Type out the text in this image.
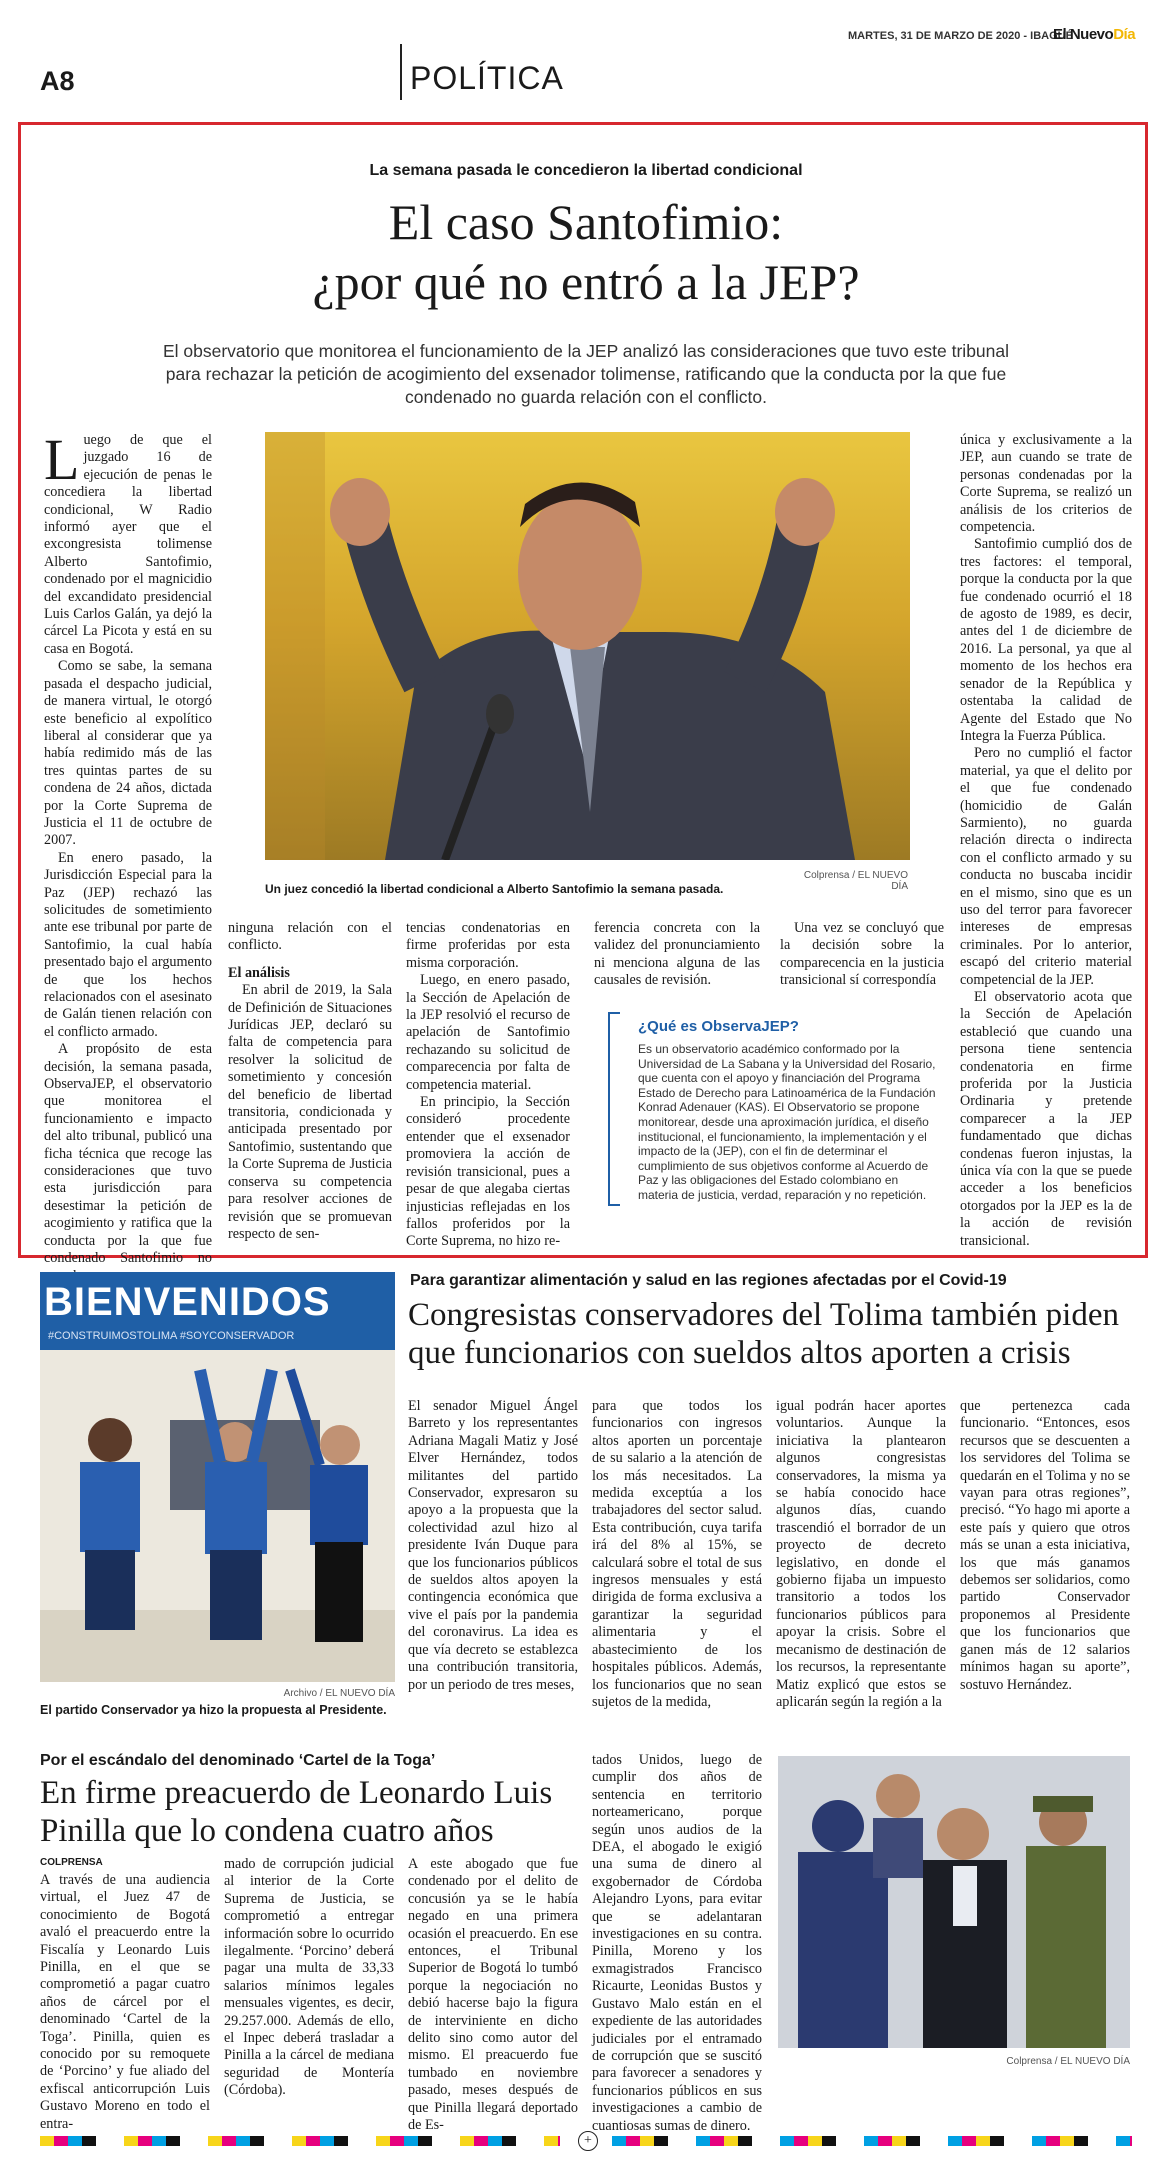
MARTES, 31 DE MARZO DE 2020 - IBAGUÉ
El NuevoDía
A8	POLÍTICA
La semana pasada le concedieron la libertad condicional
El caso Santofimio:
¿por qué no entró a la JEP?
El observatorio que monitorea el funcionamiento de la JEP analizó las consideraciones que tuvo este tribunal para rechazar la petición de acogimiento del exsenador tolimense, ratificando que la conducta por la que fue condenado no guarda relación con el conflicto.
L uego de que el juzgado 16 de ejecución de penas le concediera la libertad condicional, W Radio informó ayer que el excongresista tolimense Alberto Santofimio, condenado por el magnicidio del excandidato presidencial Luis Carlos Galán, ya dejó la cárcel La Picota y está en su casa en Bogotá.

Como se sabe, la semana pasada el despacho judicial, de manera virtual, le otorgó este beneficio al expolítico liberal al considerar que ya había redimido más de las tres quintas partes de su condena de 24 años, dictada por la Corte Suprema de Justicia el 11 de octubre de 2007.

En enero pasado, la Jurisdicción Especial para la Paz (JEP) rechazó las solicitudes de sometimiento ante ese tribunal por parte de Santofimio, la cual había presentado bajo el argumento de que los hechos relacionados con el asesinato de Galán tienen relación con el conflicto armado.

A propósito de esta decisión, la semana pasada, ObservaJEP, el observatorio que monitorea el funcionamiento e impacto del alto tribunal, publicó una ficha técnica que recoge las consideraciones que tuvo esta jurisdicción para desestimar la petición de acogimiento y ratifica que la conducta por la que fue condenado Santofimio no

Un juez concedió la libertad condicional a Alberto Santofimio la semana pasada.
Colprensa / EL NUEVO DÍA

ninguna relación con el conflicto.

El análisis

En abril de 2019, la Sala de Definición de Situaciones Jurídicas JEP, declaró su falta de competencia para resolver la solicitud de sometimiento y concesión del beneficio de libertad transitoria, condicionada y anticipada presentado por Santofimio, sustentando que la Corte Suprema de Justicia conserva su competencia para resolver acciones de revisión que se promuevan respecto de sen-

tencias condenatorias en firme proferidas por esta misma corporación.

Luego, en enero pasado, la Sección de Apelación de la JEP resolvió el recurso de apelación de Santofimio rechazando su solicitud de comparecencia por falta de competencia material.

En principio, la Sección consideró procedente entender que el exsenador promoviera la acción de revisión transicional, pues a pesar de que alegaba ciertas injusticias reflejadas en los fallos proferidos por la Corte Suprema, no hizo re-

ferencia concreta con la validez del pronunciamiento ni menciona alguna de las causales de revisión.

Una vez se concluyó que la decisión sobre la comparecencia en la justicia transicional sí correspondía

¿Qué es ObservaJEP?
Es un observatorio académico conformado por la Universidad de La Sabana y la Universidad del Rosario, que cuenta con el apoyo y financiación del Programa Estado de Derecho para Latinoamérica de la Fundación Konrad Adenauer (KAS). El Observatorio se propone monitorear, desde una aproximación jurídica, el diseño institucional, el funcionamiento, la implementación y el impacto de la (JEP), con el fin de determinar el cumplimiento de sus objetivos conforme al Acuerdo de Paz y las obligaciones del Estado colombiano en materia de justicia, verdad, reparación y no repetición.

única y exclusivamente a la JEP, aun cuando se trate de personas condenadas por la Corte Suprema, se realizó un análisis de los criterios de competencia.

Santofimio cumplió dos de tres factores: el temporal, porque la conducta por la que fue condenado ocurrió el 18 de agosto de 1989, es decir, antes del 1 de diciembre de 2016. La personal, ya que al momento de los hechos era senador de la República y ostentaba la calidad de Agente del Estado que No Integra la Fuerza Pública.

Pero no cumplió el factor material, ya que el delito por el que fue condenado (homicidio de Galán Sarmiento), no guarda relación directa o indirecta con el conflicto armado y su conducta no buscaba incidir en el mismo, sino que es un uso del terror para favorecer intereses de empresas criminales. Por lo anterior, escapó del criterio material competencial de la JEP.

El observatorio acota que la Sección de Apelación estableció que cuando una persona tiene sentencia condenatoria en firme proferida por la Justicia Ordinaria y pretende comparecer a la JEP fundamentado que dichas condenas fueron injustas, la única vía con la que se puede acceder a los beneficios otorgados por la JEP es la de la acción de revisión transicional.

BIENVENIDOS
#CONSTRUIMOSTOLIMA #SOYCONSERVADOR
Archivo / EL NUEVO DÍA
El partido Conservador ya hizo la propuesta al Presidente.
Para garantizar alimentación y salud en las regiones afectadas por el Covid-19
Congresistas conservadores del Tolima también piden que funcionarios con sueldos altos aporten a crisis

El senador Miguel Ángel Barreto y los representantes Adriana Magali Matiz y José Elver Hernández, todos militantes del partido Conservador, expresaron su apoyo a la propuesta que la colectividad azul hizo al presidente Iván Duque para que los funcionarios públicos de sueldos altos apoyen la contingencia económica que vive el país por la pandemia del coronavirus. La idea es que vía decreto se establezca una contribución transitoria, por un periodo de tres meses,

para que todos los funcionarios con ingresos altos aporten un porcentaje de su salario a la atención de los más necesitados. La medida exceptúa a los trabajadores del sector salud. Esta contribución, cuya tarifa irá del 8% al 15%, se calculará sobre el total de sus ingresos mensuales y está dirigida de forma exclusiva a garantizar la seguridad alimentaria y el abastecimiento de los hospitales públicos. Además, los funcionarios que no sean sujetos de la medida,

igual podrán hacer aportes voluntarios. Aunque la iniciativa la plantearon algunos congresistas conservadores, la misma ya se había conocido hace algunos días, cuando trascendió el borrador de un proyecto de decreto legislativo, en donde el gobierno fijaba un impuesto transitorio a todos los funcionarios públicos para apoyar la crisis. Sobre el mecanismo de destinación de los recursos, la representante Matiz explicó que estos se aplicarán según la región a la

que pertenezca cada funcionario. “Entonces, esos recursos que se descuenten a los servidores del Tolima se quedarán en el Tolima y no se vayan para otras regiones”, precisó. “Yo hago mi aporte a este país y quiero que otros más se unan a esta iniciativa, los que más ganamos debemos ser solidarios, como partido Conservador proponemos al Presidente que los funcionarios que ganen más de 12 salarios mínimos hagan su aporte”, sostuvo Hernández.

Por el escándalo del denominado ‘Cartel de la Toga’
En firme preacuerdo de Leonardo Luis Pinilla que lo condena cuatro años
COLPRENSA

A través de una audiencia virtual, el Juez 47 de conocimiento de Bogotá avaló el preacuerdo entre la Fiscalía y Leonardo Luis Pinilla, en el que se comprometió a pagar cuatro años de cárcel por el denominado ‘Cartel de la Toga’. Pinilla, quien es conocido por su remoquete de ‘Porcino’ y fue aliado del exfiscal anticorrupción Luis Gustavo Moreno en todo el entra-

mado de corrupción judicial al interior de la Corte Suprema de Justicia, se comprometió a entregar información sobre lo ocurrido ilegalmente. ‘Porcino’ deberá pagar una multa de 33,33 salarios mínimos legales mensuales vigentes, es decir, 29.257.000. Además de ello, el Inpec deberá trasladar a Pinilla a la cárcel de mediana seguridad de Montería (Córdoba).

A este abogado que fue condenado por el delito de concusión ya se le había negado en una primera ocasión el preacuerdo. En ese entonces, el Tribunal Superior de Bogotá lo tumbó porque la negociación no debió hacerse bajo la figura de interviniente en dicho delito sino como autor del mismo. El preacuerdo fue tumbado en noviembre pasado, meses después de que Pinilla llegará deportado de Es-

tados Unidos, luego de cumplir dos años de sentencia en territorio norteamericano, porque según unos audios de la DEA, el abogado le exigió una suma de dinero al exgobernador de Córdoba Alejandro Lyons, para evitar que se adelantaran investigaciones en su contra. Pinilla, Moreno y los exmagistrados Francisco Ricaurte, Leonidas Bustos y Gustavo Malo están en el expediente de las autoridades judiciales por el entramado de corrupción que se suscitó para favorecer a senadores y funcionarios públicos en sus investigaciones a cambio de cuantiosas sumas de dinero.

Colprensa / EL NUEVO DÍA
+
